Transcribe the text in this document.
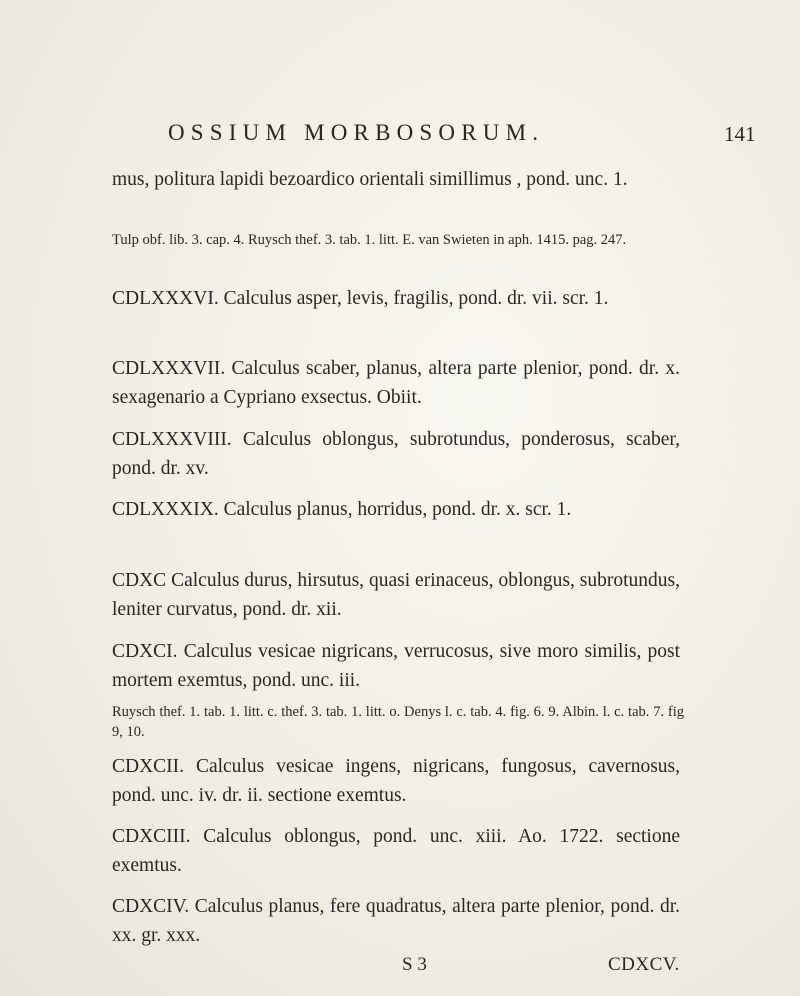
OSSIUM MORBOSORUM.	141
mus, politura lapidi bezoardico orientali simillimus , pond. unc. 1.
Tulp obf. lib. 3. cap. 4. Ruysch thef. 3. tab. 1. litt. E. van Swieten in aph. 1415. pag. 247.
CDLXXXVI. Calculus asper, levis, fragilis, pond. dr. vii. scr. 1.
CDLXXXVII. Calculus scaber, planus, altera parte plenior, pond. dr. x. sexagenario a Cypriano exsectus. Obiit.
CDLXXXVIII. Calculus oblongus, subrotundus, ponderosus, scaber, pond. dr. xv.
CDLXXXIX. Calculus planus, horridus, pond. dr. x. scr. 1.
CDXC Calculus durus, hirsutus, quasi erinaceus, oblongus, subrotundus, leniter curvatus, pond. dr. xii.
CDXCI. Calculus vesicae nigricans, verrucosus, sive moro similis, post mortem exemtus, pond. unc. iii.
Ruysch thef. 1. tab. 1. litt. c. thef. 3. tab. 1. litt. o. Denys l. c. tab. 4. fig. 6. 9. Albin. l. c. tab. 7. fig 9, 10.
CDXCII. Calculus vesicae ingens, nigricans, fungosus, cavernosus, pond. unc. iv. dr. ii. sectione exemtus.
CDXCIII. Calculus oblongus, pond. unc. xiii. Ao. 1722. sectione exemtus.
CDXCIV. Calculus planus, fere quadratus, altera parte plenior, pond. dr. xx. gr. xxx.
S 3	CDXCV.
